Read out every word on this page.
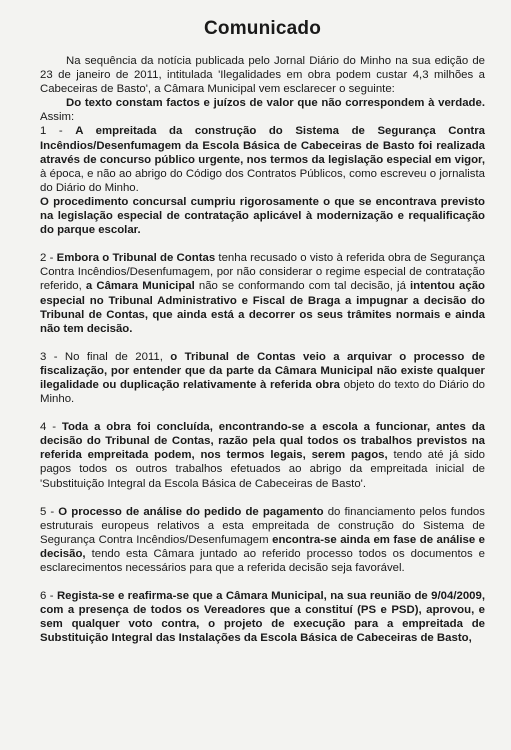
Comunicado

Na sequência da notícia publicada pelo Jornal Diário do Minho na sua edição de 23 de janeiro de 2011, intitulada 'Ilegalidades em obra podem custar 4,3 milhões a Cabeceiras de Basto', a Câmara Municipal vem esclarecer o seguinte:

Do texto constam factos e juízos de valor que não correspondem à verdade. Assim:

1 - A empreitada da construção do Sistema de Segurança Contra Incêndios/Desenfumagem da Escola Básica de Cabeceiras de Basto foi realizada através de concurso público urgente, nos termos da legislação especial em vigor, à época, e não ao abrigo do Código dos Contratos Públicos, como escreveu o jornalista do Diário do Minho.

O procedimento concursal cumpriu rigorosamente o que se encontrava previsto na legislação especial de contratação aplicável à modernização e requalificação do parque escolar.

2 - Embora o Tribunal de Contas tenha recusado o visto à referida obra de Segurança Contra Incêndios/Desenfumagem, por não considerar o regime especial de contratação referido, a Câmara Municipal não se conformando com tal decisão, já intentou ação especial no Tribunal Administrativo e Fiscal de Braga a impugnar a decisão do Tribunal de Contas, que ainda está a decorrer os seus trâmites normais e ainda não tem decisão.

3 - No final de 2011, o Tribunal de Contas veio a arquivar o processo de fiscalização, por entender que da parte da Câmara Municipal não existe qualquer ilegalidade ou duplicação relativamente à referida obra objeto do texto do Diário do Minho.

4 - Toda a obra foi concluída, encontrando-se a escola a funcionar, antes da decisão do Tribunal de Contas, razão pela qual todos os trabalhos previstos na referida empreitada podem, nos termos legais, serem pagos, tendo até já sido pagos todos os outros trabalhos efetuados ao abrigo da empreitada inicial de 'Substituição Integral da Escola Básica de Cabeceiras de Basto'.

5 - O processo de análise do pedido de pagamento do financiamento pelos fundos estruturais europeus relativos a esta empreitada de construção do Sistema de Segurança Contra Incêndios/Desenfumagem encontra-se ainda em fase de análise e decisão, tendo esta Câmara juntado ao referido processo todos os documentos e esclarecimentos necessários para que a referida decisão seja favorável.

6 - Regista-se e reafirma-se que a Câmara Municipal, na sua reunião de 9/04/2009, com a presença de todos os Vereadores que a constituí (PS e PSD), aprovou, e sem qualquer voto contra, o projeto de execução para a empreitada de Substituição Integral das Instalações da Escola Básica de Cabeceiras de Basto,
